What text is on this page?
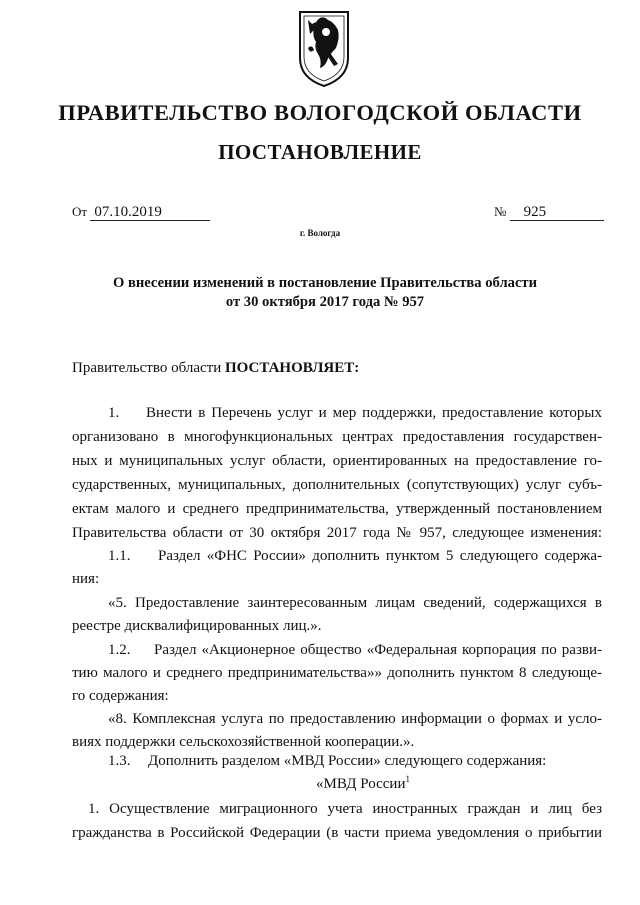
ПРАВИТЕЛЬСТВО ВОЛОГОДСКОЙ ОБЛАСТИ
ПОСТАНОВЛЕНИЕ
От 07.10.2019	№ 925
г. Вологда
О внесении изменений в постановление Правительства области
от 30 октября 2017 года № 957
Правительство области ПОСТАНОВЛЯЕТ:
1. Внести в Перечень услуг и мер поддержки, предоставление которых
организовано в многофункциональных центрах предоставления государствен-
ных и муниципальных услуг области, ориентированных на предоставление го-
сударственных, муниципальных, дополнительных (сопутствующих) услуг субъ-
ектам малого и среднего предпринимательства, утвержденный постановлением
Правительства области от 30 октября 2017 года № 957, следующее изменения:
1.1. Раздел «ФНС России» дополнить пунктом 5 следующего содержа-
ния:
«5. Предоставление заинтересованным лицам сведений, содержащихся в
реестре дисквалифицированных лиц.».
1.2. Раздел «Акционерное общество «Федеральная корпорация по разви-
тию малого и среднего предпринимательства»» дополнить пунктом 8 следующе-
го содержания:
«8. Комплексная услуга по предоставлению информации о формах и усло-
виях поддержки сельскохозяйственной кооперации.».
1.3. Дополнить разделом «МВД России» следующего содержания:
«МВД России$^1$
1. Осуществление миграционного учета иностранных граждан и лиц без
гражданства в Российской Федерации (в части приема уведомления о прибытии
